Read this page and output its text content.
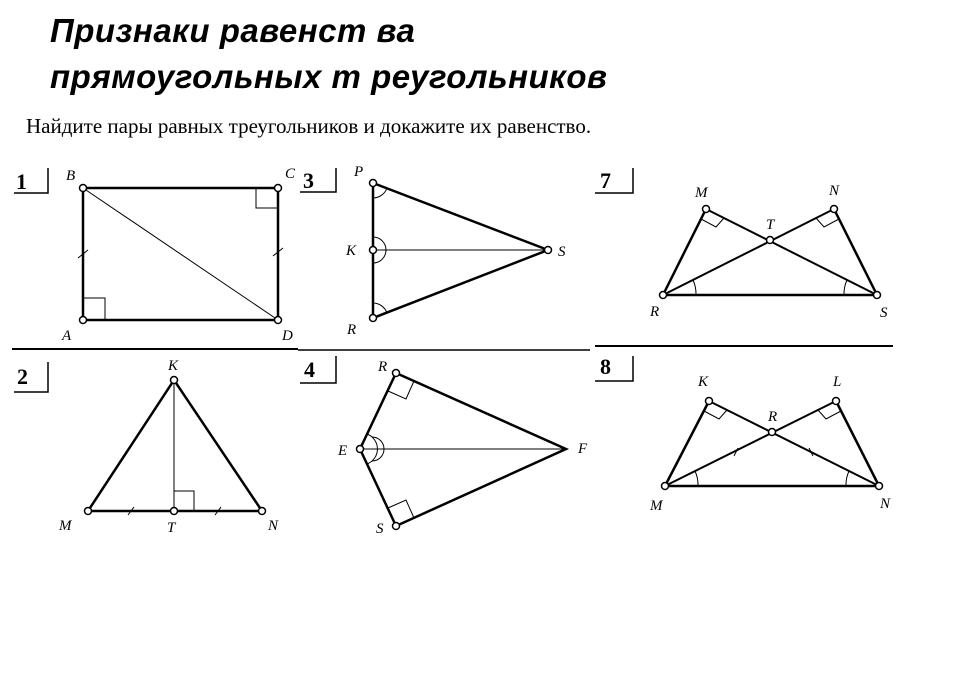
Признаки равенст ва
прямоугольных т реугольников
Найдите пары равных треугольников и докажите их равенство.
1	B	C
A	D
2	K
M	T	N
3	P
K	S
R
4	R
E	F
S
7	M	N
T
R	S
8
K	L
R
M	N
